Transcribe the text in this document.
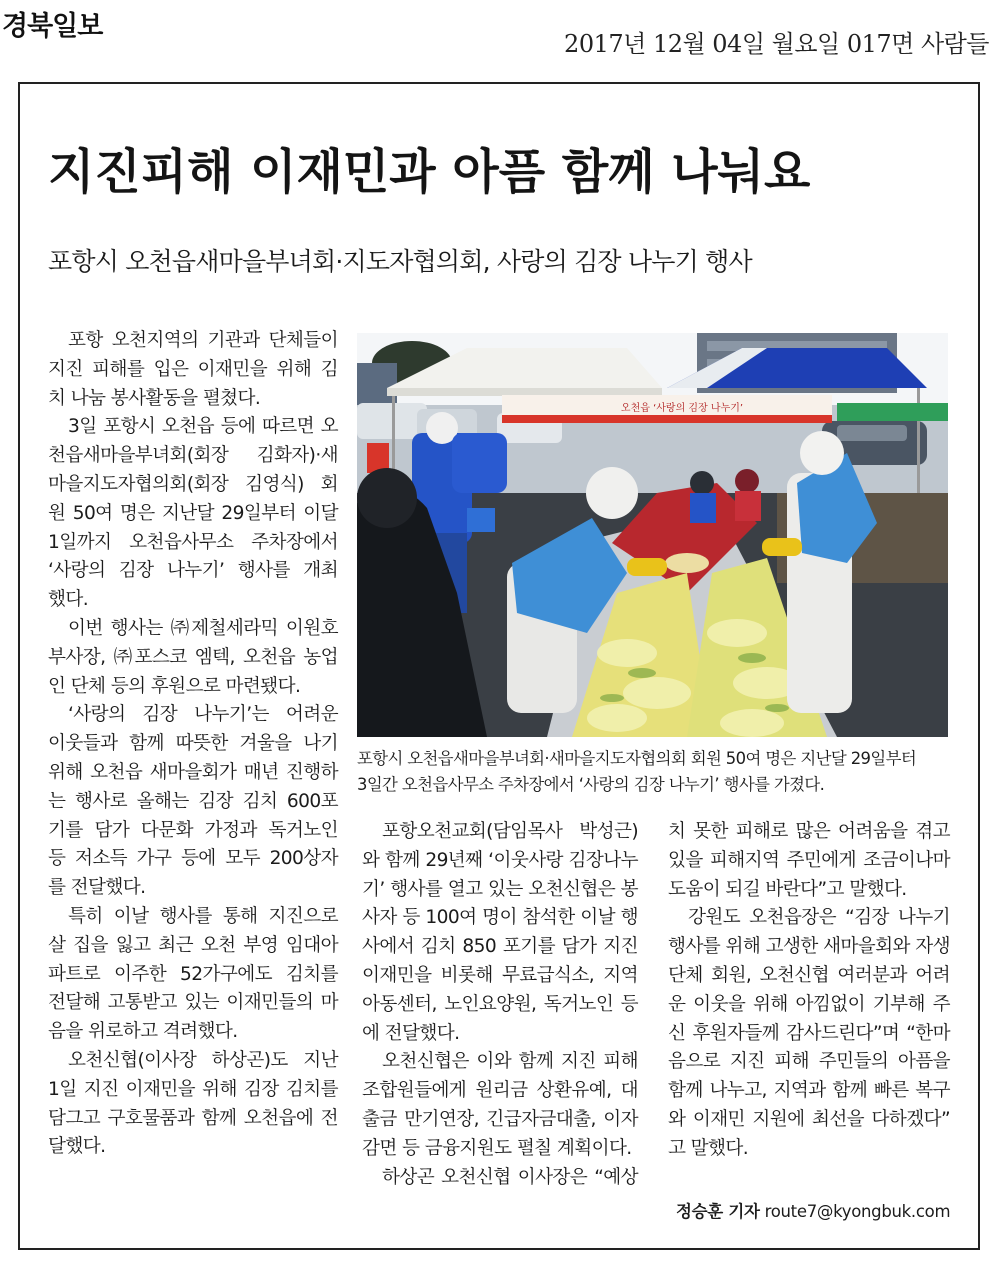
경북일보
2017년 12월 04일 월요일 017면 사람들
지진피해 이재민과 아픔 함께 나눠요
포항시 오천읍새마을부녀회·지도자협의회, 사랑의 김장 나누기 행사
포항 오천지역의 기관과 단체들이
지진 피해를 입은 이재민을 위해 김
치 나눔 봉사활동을 펼쳤다.
3일 포항시 오천읍 등에 따르면 오
천읍새마을부녀회(회장 김화자)·새
마을지도자협의회(회장 김영식) 회
원 50여 명은 지난달 29일부터 이달
1일까지 오천읍사무소 주차장에서
‘사랑의 김장 나누기’ 행사를 개최
했다.
이번 행사는 ㈜제철세라믹 이원호
부사장, ㈜포스코 엠텍, 오천읍 농업
인 단체 등의 후원으로 마련됐다.
‘사랑의 김장 나누기’는 어려운
이웃들과 함께 따뜻한 겨울을 나기
위해 오천읍 새마을회가 매년 진행하
는 행사로 올해는 김장 김치 600포
기를 담가 다문화 가정과 독거노인
등 저소득 가구 등에 모두 200상자
를 전달했다.
특히 이날 행사를 통해 지진으로
살 집을 잃고 최근 오천 부영 임대아
파트로 이주한 52가구에도 김치를
전달해 고통받고 있는 이재민들의 마
음을 위로하고 격려했다.
오천신협(이사장 하상곤)도 지난
1일 지진 이재민을 위해 김장 김치를
담그고 구호물품과 함께 오천읍에 전
달했다.
포항오천교회(담임목사 박성근)
와 함께 29년째 ‘이웃사랑 김장나누
기’ 행사를 열고 있는 오천신협은 봉
사자 등 100여 명이 참석한 이날 행
사에서 김치 850 포기를 담가 지진
이재민을 비롯해 무료급식소, 지역
아동센터, 노인요양원, 독거노인 등
에 전달했다.
오천신협은 이와 함께 지진 피해
조합원들에게 원리금 상환유예, 대
출금 만기연장, 긴급자금대출, 이자
감면 등 금융지원도 펼칠 계획이다.
하상곤 오천신협 이사장은 “예상
치 못한 피해로 많은 어려움을 겪고
있을 피해지역 주민에게 조금이나마
도움이 되길 바란다”고 말했다.
강원도 오천읍장은 “김장 나누기
행사를 위해 고생한 새마을회와 자생
단체 회원, 오천신협 여러분과 어려
운 이웃을 위해 아낌없이 기부해 주
신 후원자들께 감사드린다”며 “한마
음으로 지진 피해 주민들의 아픔을
함께 나누고, 지역과 함께 빠른 복구
와 이재민 지원에 최선을 다하겠다”
고 말했다.
오천읍 ‘사랑의 김장 나누기’
포항시 오천읍새마을부녀회·새마을지도자협의회 회원 50여 명은 지난달 29일부터
3일간 오천읍사무소 주차장에서 ‘사랑의 김장 나누기’ 행사를 가졌다.
정승훈 기자 route7@kyongbuk.com
